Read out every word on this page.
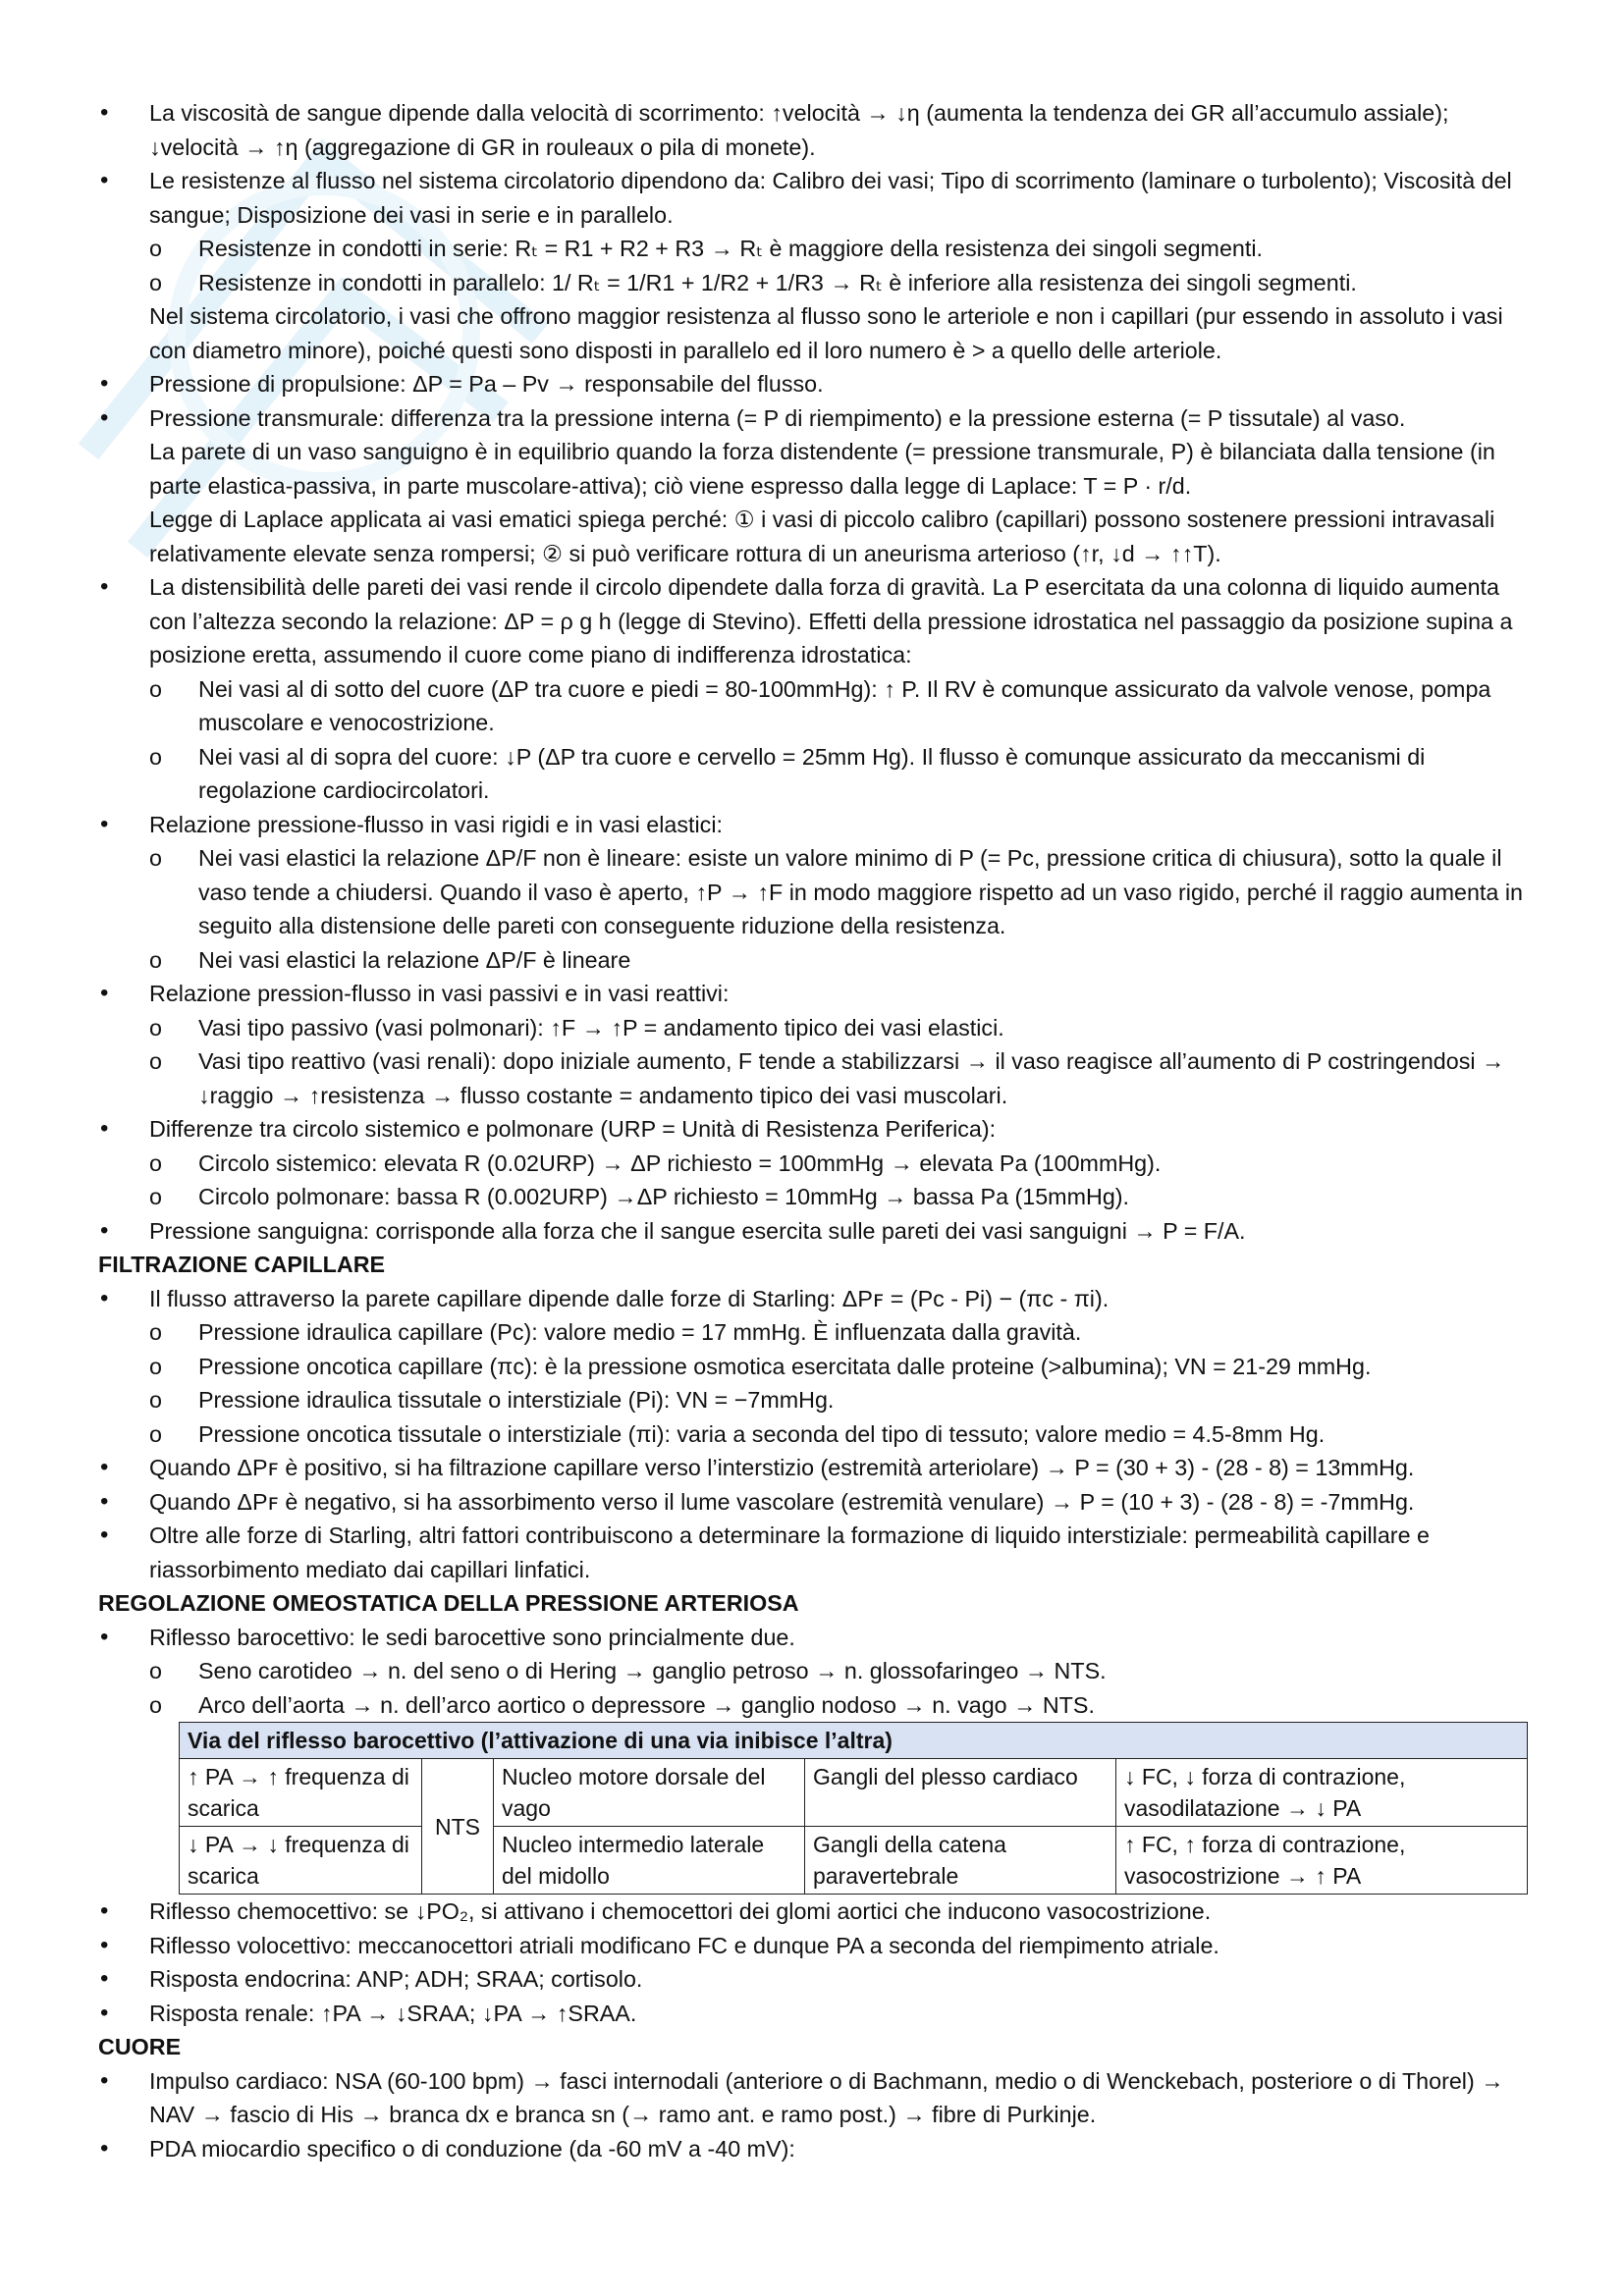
• La viscosità de sangue dipende dalla velocità di scorrimento: ↑velocità → ↓η (aumenta la tendenza dei GR all’accumulo assiale); ↓velocità → ↑η (aggregazione di GR in rouleaux o pila di monete).
• Le resistenze al flusso nel sistema circolatorio dipendono da: Calibro dei vasi; Tipo di scorrimento (laminare o turbolento); Viscosità del sangue; Disposizione dei vasi in serie e in parallelo.
o Resistenze in condotti in serie: Rₜ = R1 + R2 + R3 → Rₜ è maggiore della resistenza dei singoli segmenti.
o Resistenze in condotti in parallelo: 1/ Rₜ = 1/R1 + 1/R2 + 1/R3 → Rₜ è inferiore alla resistenza dei singoli segmenti.
Nel sistema circolatorio, i vasi che offrono maggior resistenza al flusso sono le arteriole e non i capillari (pur essendo in assoluto i vasi con diametro minore), poiché questi sono disposti in parallelo ed il loro numero è > a quello delle arteriole.
• Pressione di propulsione: ΔP = Pa – Pv → responsabile del flusso.
• Pressione transmurale: differenza tra la pressione interna (= P di riempimento) e la pressione esterna (= P tissutale) al vaso.
La parete di un vaso sanguigno è in equilibrio quando la forza distendente (= pressione transmurale, P) è bilanciata dalla tensione (in parte elastica-passiva, in parte muscolare-attiva); ciò viene espresso dalla legge di Laplace: T = P · r/d.
Legge di Laplace applicata ai vasi ematici spiega perché: ① i vasi di piccolo calibro (capillari) possono sostenere pressioni intravasali relativamente elevate senza rompersi; ② si può verificare rottura di un aneurisma arterioso (↑r, ↓d → ↑↑T).
• La distensibilità delle pareti dei vasi rende il circolo dipendete dalla forza di gravità. La P esercitata da una colonna di liquido aumenta con l’altezza secondo la relazione: ΔP = ρ g h (legge di Stevino). Effetti della pressione idrostatica nel passaggio da posizione supina a posizione eretta, assumendo il cuore come piano di indifferenza idrostatica:
o Nei vasi al di sotto del cuore (ΔP tra cuore e piedi = 80-100mmHg): ↑ P. Il RV è comunque assicurato da valvole venose, pompa muscolare e venocostrizione.
o Nei vasi al di sopra del cuore: ↓P (ΔP tra cuore e cervello = 25mm Hg). Il flusso è comunque assicurato da meccanismi di regolazione cardiocircolatori.
• Relazione pressione-flusso in vasi rigidi e in vasi elastici:
o Nei vasi elastici la relazione ΔP/F non è lineare: esiste un valore minimo di P (= Pc, pressione critica di chiusura), sotto la quale il vaso tende a chiudersi. Quando il vaso è aperto, ↑P → ↑F in modo maggiore rispetto ad un vaso rigido, perché il raggio aumenta in seguito alla distensione delle pareti con conseguente riduzione della resistenza.
o Nei vasi elastici la relazione ΔP/F è lineare
• Relazione pression-flusso in vasi passivi e in vasi reattivi:
o Vasi tipo passivo (vasi polmonari): ↑F → ↑P = andamento tipico dei vasi elastici.
o Vasi tipo reattivo (vasi renali): dopo iniziale aumento, F tende a stabilizzarsi → il vaso reagisce all’aumento di P costringendosi → ↓raggio → ↑resistenza → flusso costante = andamento tipico dei vasi muscolari.
• Differenze tra circolo sistemico e polmonare (URP = Unità di Resistenza Periferica):
o Circolo sistemico: elevata R (0.02URP) → ΔP richiesto = 100mmHg → elevata Pa (100mmHg).
o Circolo polmonare: bassa R (0.002URP) →ΔP richiesto = 10mmHg → bassa Pa (15mmHg).
• Pressione sanguigna: corrisponde alla forza che il sangue esercita sulle pareti dei vasi sanguigni → P = F/A.
FILTRAZIONE CAPILLARE
• Il flusso attraverso la parete capillare dipende dalle forze di Starling: ΔPꜰ = (Pc - Pi) − (πc - πi).
o Pressione idraulica capillare (Pc): valore medio = 17 mmHg. È influenzata dalla gravità.
o Pressione oncotica capillare (πc): è la pressione osmotica esercitata dalle proteine (>albumina); VN = 21-29 mmHg.
o Pressione idraulica tissutale o interstiziale (Pi): VN = −7mmHg.
o Pressione oncotica tissutale o interstiziale (πi): varia a seconda del tipo di tessuto; valore medio = 4.5-8mm Hg.
• Quando ΔPꜰ è positivo, si ha filtrazione capillare verso l’interstizio (estremità arteriolare) → P = (30 + 3) - (28 - 8) = 13mmHg.
• Quando ΔPꜰ è negativo, si ha assorbimento verso il lume vascolare (estremità venulare) → P = (10 + 3) - (28 - 8) = -7mmHg.
• Oltre alle forze di Starling, altri fattori contribuiscono a determinare la formazione di liquido interstiziale: permeabilità capillare e riassorbimento mediato dai capillari linfatici.
REGOLAZIONE OMEOSTATICA DELLA PRESSIONE ARTERIOSA
• Riflesso barocettivo: le sedi barocettive sono princialmente due.
o Seno carotideo → n. del seno o di Hering → ganglio petroso → n. glossofaringeo → NTS.
o Arco dell’aorta → n. dell’arco aortico o depressore → ganglio nodoso → n. vago → NTS.
Via del riflesso barocettivo (l’attivazione di una via inibisce l’altra)				
↑ PA → ↑ frequenza di scarica	NTS	Nucleo motore dorsale del vago	Gangli del plesso cardiaco	↓ FC, ↓ forza di contrazione, vasodilatazione → ↓ PA
↓ PA → ↓ frequenza di scarica		Nucleo intermedio laterale del midollo	Gangli della catena paravertebrale	↑ FC, ↑ forza di contrazione, vasocostrizione → ↑ PA
• Riflesso chemocettivo: se ↓PO₂, si attivano i chemocettori dei glomi aortici che inducono vasocostrizione.
• Riflesso volocettivo: meccanocettori atriali modificano FC e dunque PA a seconda del riempimento atriale.
• Risposta endocrina: ANP; ADH; SRAA; cortisolo.
• Risposta renale: ↑PA → ↓SRAA; ↓PA → ↑SRAA.
CUORE
• Impulso cardiaco: NSA (60-100 bpm) → fasci internodali (anteriore o di Bachmann, medio o di Wenckebach, posteriore o di Thorel) → NAV → fascio di His → branca dx e branca sn (→ ramo ant. e ramo post.) → fibre di Purkinje.
• PDA miocardio specifico o di conduzione (da -60 mV a -40 mV):
